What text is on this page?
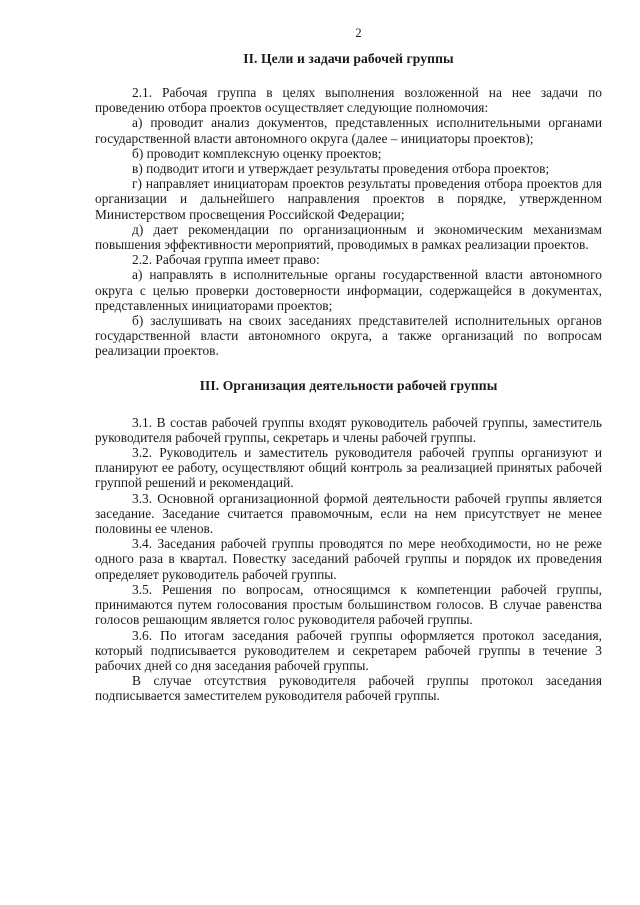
2
II. Цели и задачи рабочей группы

2.1. Рабочая группа в целях выполнения возложенной на нее задачи по проведению отбора проектов осуществляет следующие полномочия:

а) проводит анализ документов, представленных исполнительными органами государственной власти автономного округа (далее – инициаторы проектов);

б) проводит комплексную оценку проектов;

в) подводит итоги и утверждает результаты проведения отбора проектов;

г) направляет инициаторам проектов результаты проведения отбора проектов для организации и дальнейшего направления проектов в порядке, утвержденном Министерством просвещения Российской Федерации;

д) дает рекомендации по организационным и экономическим механизмам повышения эффективности мероприятий, проводимых в рамках реализации проектов.

2.2. Рабочая группа имеет право:

а) направлять в исполнительные органы государственной власти автономного округа с целью проверки достоверности информации, содержащейся в документах, представленных инициаторами проектов;

б) заслушивать на своих заседаниях представителей исполнительных органов государственной власти автономного округа, а также организаций по вопросам реализации проектов.

III. Организация деятельности рабочей группы

3.1. В состав рабочей группы входят руководитель рабочей группы, заместитель руководителя рабочей группы, секретарь и члены рабочей группы.

3.2. Руководитель и заместитель руководителя рабочей группы организуют и планируют ее работу, осуществляют общий контроль за реализацией принятых рабочей группой решений и рекомендаций.

3.3. Основной организационной формой деятельности рабочей группы является заседание. Заседание считается правомочным, если на нем присутствует не менее половины ее членов.

3.4. Заседания рабочей группы проводятся по мере необходимости, но не реже одного раза в квартал. Повестку заседаний рабочей группы и порядок их проведения определяет руководитель рабочей группы.

3.5. Решения по вопросам, относящимся к компетенции рабочей группы, принимаются путем голосования простым большинством голосов. В случае равенства голосов решающим является голос руководителя рабочей группы.

3.6. По итогам заседания рабочей группы оформляется протокол заседания, который подписывается руководителем и секретарем рабочей группы в течение 3 рабочих дней со дня заседания рабочей группы.

В случае отсутствия руководителя рабочей группы протокол заседания подписывается заместителем руководителя рабочей группы.
